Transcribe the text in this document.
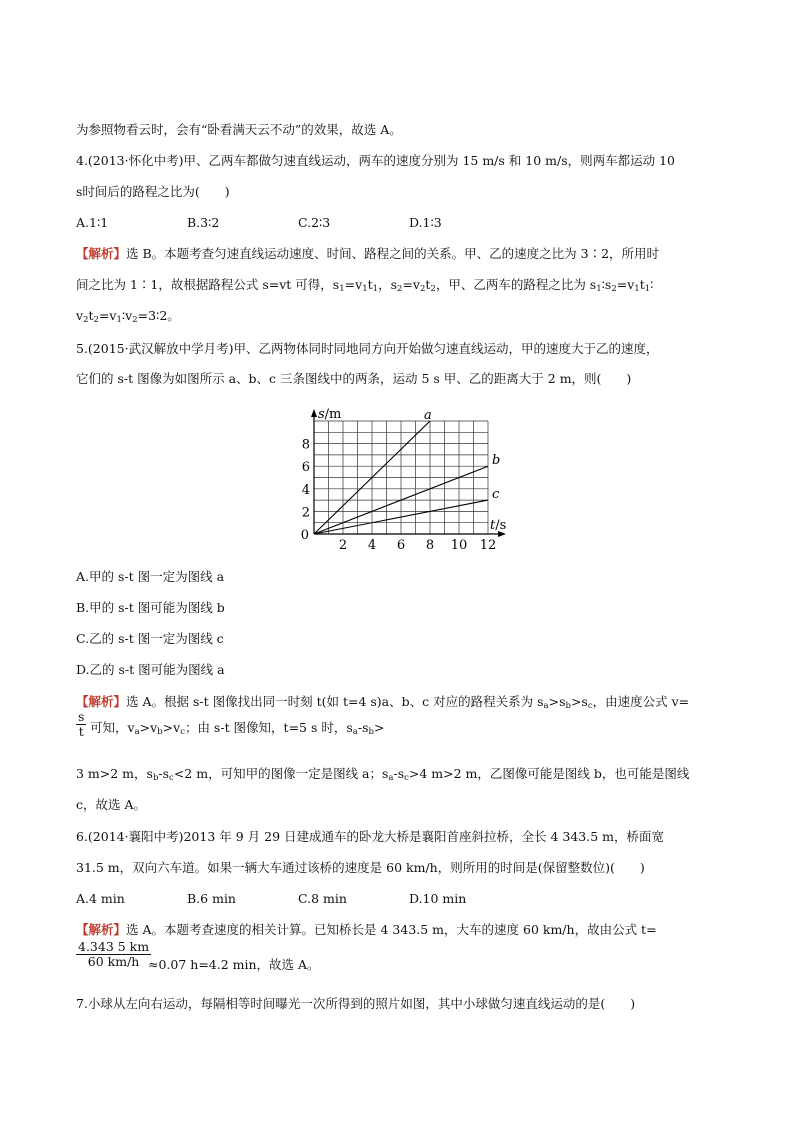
为参照物看云时，会有“卧看满天云不动”的效果，故选 A。
4.(2013·怀化中考)甲、乙两车都做匀速直线运动，两车的速度分别为 15 m/s 和 10 m/s，则两车都运动 10
s时间后的路程之比为(　　)
A.1∶1	B.3∶2	C.2∶3	D.1∶3
【解析】选 B。本题考查匀速直线运动速度、时间、路程之间的关系。甲、乙的速度之比为 3∶2，所用时
间之比为 1∶1，故根据路程公式 s=vt 可得，$s_1=v_1t_1$，$s_2=v_2t_2$，甲、乙两车的路程之比为 $s_1∶s_2=v_1t_1∶$
$v_2t_2=v_1∶v_2=3∶2$。
5.(2015·武汉解放中学月考)甲、乙两物体同时同地同方向开始做匀速直线运动，甲的速度大于乙的速度，
它们的 s-t 图像为如图所示 a、b、c 三条图线中的两条，运动 5 s 甲、乙的距离大于 2 m，则(　　)
a
b
c
2 4 6 8 10 12
2
4
6
8
0
s/m
t/s
A.甲的 s-t 图一定为图线 a
B.甲的 s-t 图可能为图线 b
C.乙的 s-t 图一定为图线 c
D.乙的 s-t 图可能为图线 a
【解析】选 A。根据 s-t 图像找出同一时刻 t(如 t=4 s)a、b、c 对应的路程关系为 $s_a>s_b>s_c$，由速度公式 v=
$\frac{s}{t}$ 可知，$v_a>v_b>v_c$；由 s-t 图像知，t=5 s 时，$s_a-s_b>$
3 m>2 m，$s_b-s_c<2$ m，可知甲的图像一定是图线 a；$s_a-s_c>4$ m>2 m，乙图像可能是图线 b，也可能是图线
c，故选 A。
6.(2014·襄阳中考)2013 年 9 月 29 日建成通车的卧龙大桥是襄阳首座斜拉桥，全长 4 343.5 m，桥面宽
31.5 m，双向六车道。如果一辆大车通过该桥的速度是 60 km/h，则所用的时间是(保留整数位)(　　)
A.4 min	B.6 min	C.8 min	D.10 min
【解析】选 A。本题考查速度的相关计算。已知桥长是 4 343.5 m，大车的速度 60 km/h，故由公式 t=
$\frac{4.343 5 km}{60 km/h}$
≈0.07 h=4.2 min，故选 A。
7.小球从左向右运动，每隔相等时间曝光一次所得到的照片如图，其中小球做匀速直线运动的是(　　)
